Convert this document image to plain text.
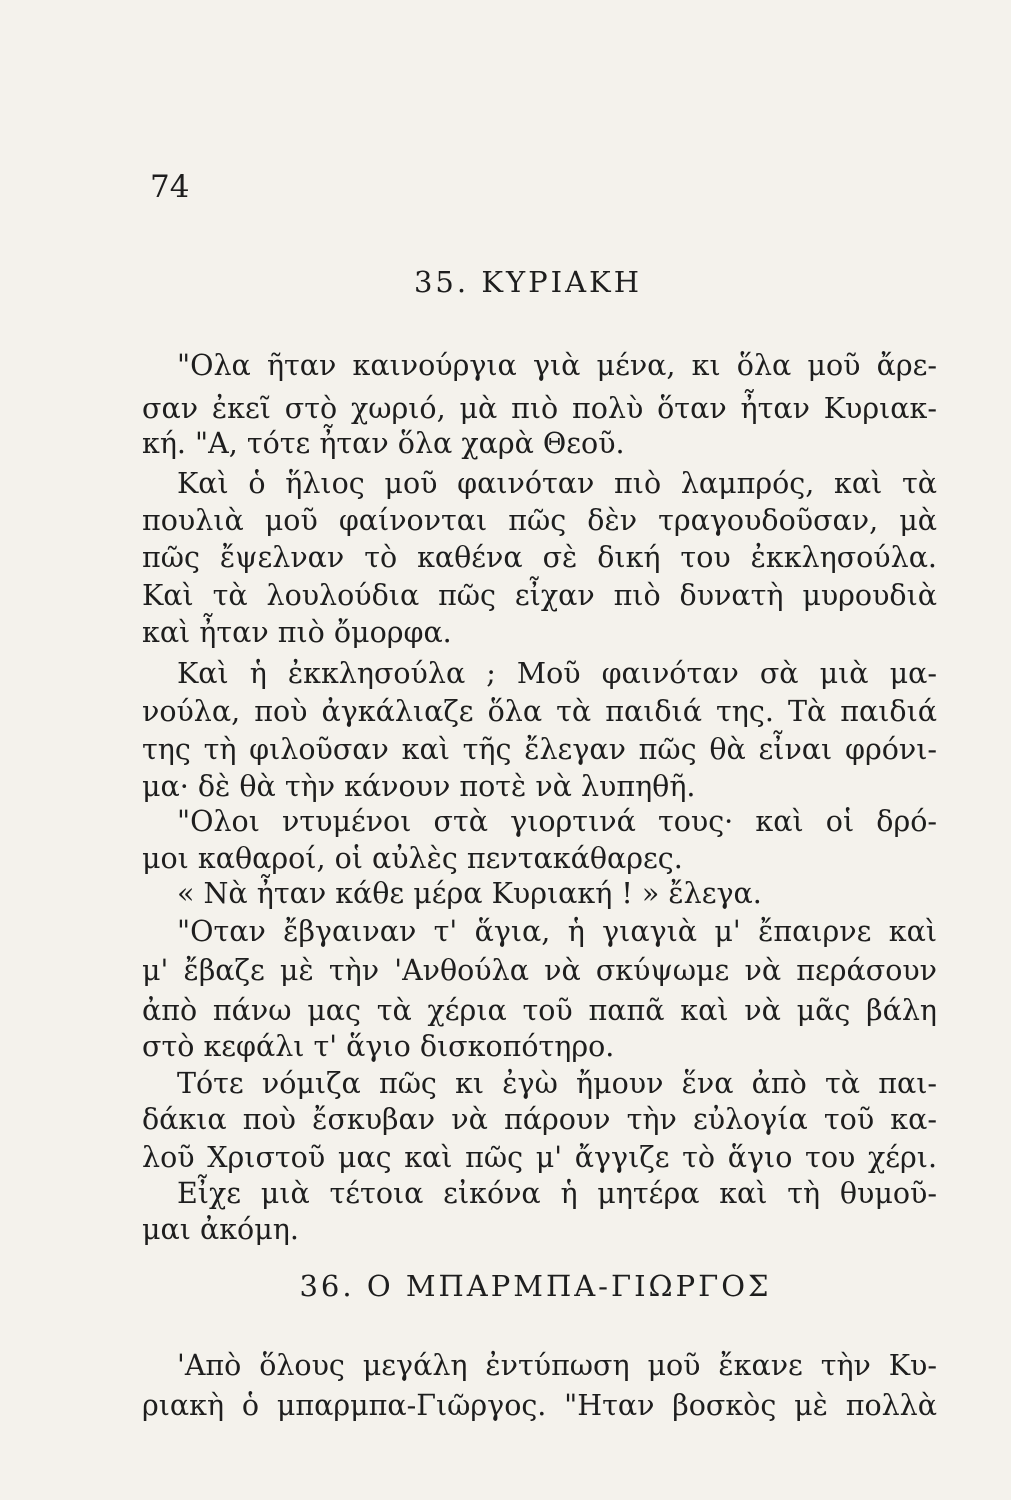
74
35. ΚΥΡΙΑΚΗ
"Ολα ῆταν καινούργια γιὰ μένα, κι ὅλα μοῦ ἄρε-
σαν ἐκεῖ στὸ χωριό, μὰ πιὸ πολὺ ὅταν ἦταν Κυριακ-
κή. "Α, τότε ἦταν ὅλα χαρὰ Θεοῦ.
Καὶ ὁ ἥλιος μοῦ φαινόταν πιὸ λαμπρός, καὶ τὰ
πουλιὰ μοῦ φαίνονται πῶς δὲν τραγουδοῦσαν, μὰ
πῶς ἔψελναν τὸ καθένα σὲ δική του ἐκκλησούλα.
Καὶ τὰ λουλούδια πῶς εἶχαν πιὸ δυνατὴ μυρουδιὰ
καὶ ἦταν πιὸ ὄμορφα.
Καὶ ἡ ἐκκλησούλα ; Μοῦ φαινόταν σὰ μιὰ μα-
νούλα, ποὺ ἀγκάλιαζε ὅλα τὰ παιδιά της. Τὰ παιδιά
της τὴ φιλοῦσαν καὶ τῆς ἔλεγαν πῶς θὰ εἶναι φρόνι-
μα· δὲ θὰ τὴν κάνουν ποτὲ νὰ λυπηθῆ.
"Ολοι ντυμένοι στὰ γιορτινά τους· καὶ οἱ δρό-
μοι καθαροί, οἱ αὐλὲς πεντακάθαρες.
« Νὰ ἦταν κάθε μέρα Κυριακή ! » ἔλεγα.
"Οταν ἔβγαιναν τ' ἅγια, ἡ γιαγιὰ μ' ἔπαιρνε καὶ
μ' ἔβαζε μὲ τὴν 'Ανθούλα νὰ σκύψωμε νὰ περάσουν
ἀπὸ πάνω μας τὰ χέρια τοῦ παπᾶ καὶ νὰ μᾶς βάλη
στὸ κεφάλι τ' ἅγιο δισκοπότηρο.
Τότε νόμιζα πῶς κι ἐγὼ ἤμουν ἕνα ἀπὸ τὰ παι-
δάκια ποὺ ἔσκυβαν νὰ πάρουν τὴν εὐλογία τοῦ κα-
λοῦ Χριστοῦ μας καὶ πῶς μ' ἄγγιζε τὸ ἅγιο του χέρι.
Εἶχε μιὰ τέτοια εἰκόνα ἡ μητέρα καὶ τὴ θυμοῦ-
μαι ἀκόμη.
36. Ο ΜΠΑΡΜΠΑ-ΓΙΩΡΓΟΣ
'Απὸ ὅλους μεγάλη ἐντύπωση μοῦ ἔκανε τὴν Κυ-
ριακὴ ὁ μπαρμπα-Γιῶργος. "Ηταν βοσκὸς μὲ πολλὰ
